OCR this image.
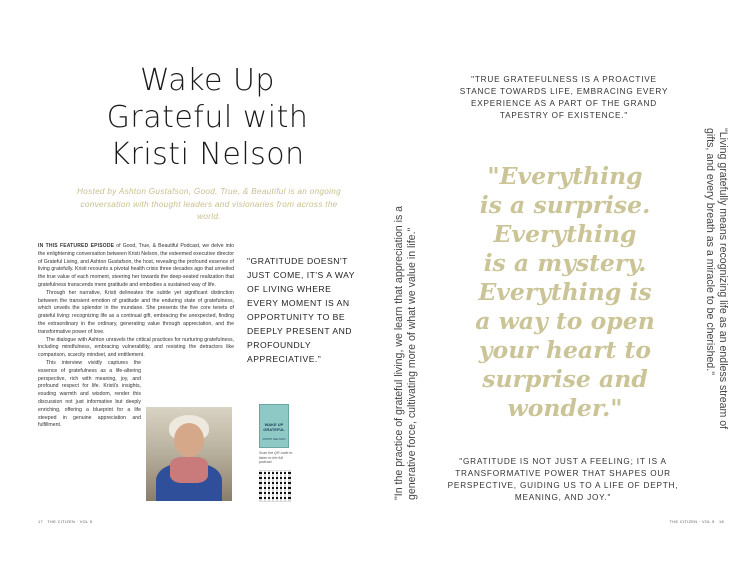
Wake Up
Grateful with
Kristi Nelson
Hosted by Ashton Gustafson, Good, True, & Beautiful is an ongoing conversation with thought leaders and visionaries from across the world.

IN THIS FEATURED EPISODE of Good, True, & Beautiful Podcast, we delve into the enlightening conversation between Kristi Nelson, the esteemed executive director of Grateful Living, and Ashton Gustafson, the host, revealing the profound essence of living gratefully. Kristi recounts a pivotal health crisis three decades ago that unveiled the true value of each moment, steering her towards the deep-seated realization that gratefulness transcends mere gratitude and embodies a sustained way of life.

Through her narrative, Kristi delineates the subtle yet significant distinction between the transient emotion of gratitude and the enduring state of gratefulness, which unveils the splendor in the mundane. She presents the five core tenets of grateful living: recognizing life as a continual gift, embracing the unexpected, finding the extraordinary in the ordinary, generating value through appreciation, and the transformative power of love.

The dialogue with Ashton unravels the critical practices for nurturing gratefulness, including mindfulness, embracing vulnerability, and resisting the detractors like comparison, scarcity mindset, and entitlement.

This interview vividly captures the essence of gratefulness as a life-altering perspective, rich with meaning, joy, and profound respect for life. Kristi's insights, exuding warmth and wisdom, render this discussion not just informative but deeply enriching, offering a blueprint for a life steeped in genuine appreciation and fulfillment.

"GRATITUDE DOESN'T JUST COME, IT'S A WAY OF LIVING WHERE EVERY MOMENT IS AN OPPORTUNITY TO BE DEEPLY PRESENT AND PROFOUNDLY APPRECIATIVE."
WAKE UP GRATEFUL
KRISTI NELSON
Scan the QR code to listen to the full podcast
17 THE CITIZEN · VOL 5
"TRUE GRATEFULNESS IS A PROACTIVE STANCE TOWARDS LIFE, EMBRACING EVERY EXPERIENCE AS A PART OF THE GRAND TAPESTRY OF EXISTENCE."
"Everything
is a surprise.
Everything
is a mystery.
Everything is
a way to open
your heart to
surprise and
wonder."
"In the practice of grateful living, we learn that appreciation is a generative force, cultivating more of what we value in life."	"Living gratefully means recognizing life as an endless stream of
gifts, and every breath as a miracle to be cherished."
"GRATITUDE IS NOT JUST A FEELING; IT IS A TRANSFORMATIVE POWER THAT SHAPES OUR PERSPECTIVE, GUIDING US TO A LIFE OF DEPTH, MEANING, AND JOY."
THE CITIZEN · VOL 5 18
